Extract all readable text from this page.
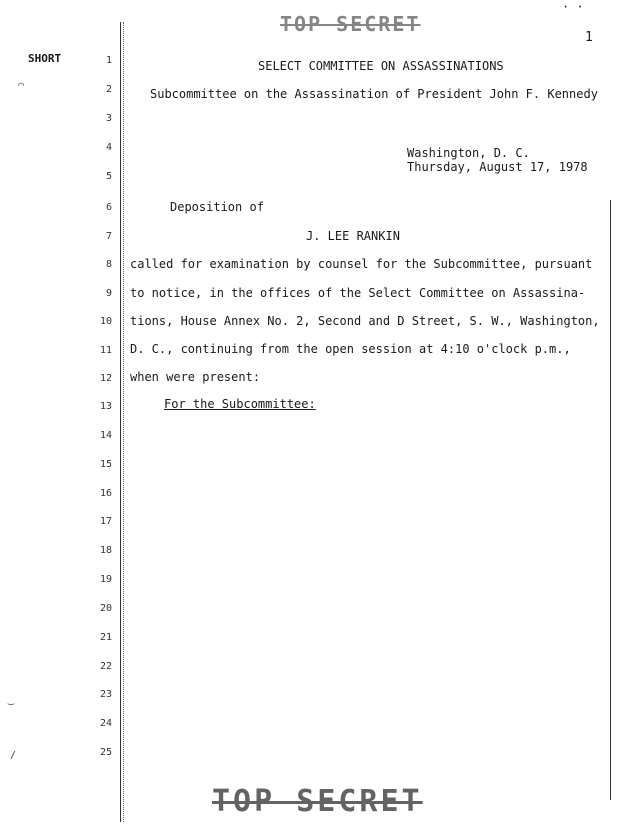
TOP SECRET
· ·
1
SHORT
⌒
‿
/
1
2
3
4
5
6
7
8
9
10
11
12
13
14
15
16
17
18
19
20
21
22
23
24
25
SELECT COMMITTEE ON ASSASSINATIONS
Subcommittee on the Assassination of President John F. Kennedy
Washington, D. C.
Thursday, August 17, 1978
Deposition of
J. LEE RANKIN
called for examination by counsel for the Subcommittee, pursuant
to notice, in the offices of the Select Committee on Assassina-
tions, House Annex No. 2, Second and D Street, S. W., Washington,
D. C., continuing from the open session at 4:10 o'clock p.m.,
when were present:
For the Subcommittee:
TOP SECRET
